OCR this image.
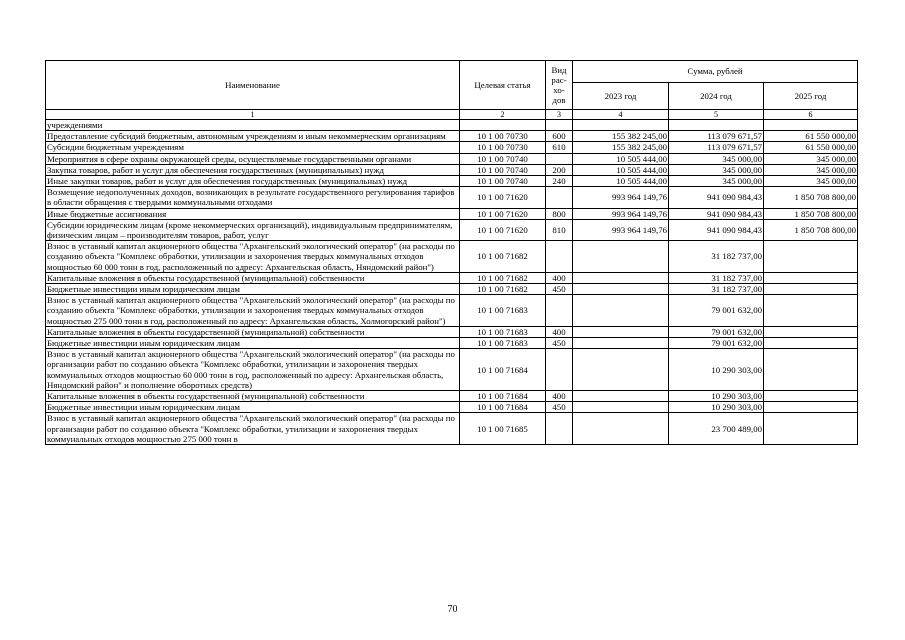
Наименование	Целевая статья	Вид рас-хо-дов	Сумма, рублей		
			2023 год	2024 год	2025 год
1	2	3	4	5	6
учреждениями					
Предоставление субсидий бюджетным, автономным учреждениям и иным некоммерческим организациям	10 1 00 70730	600	155 382 245,00	113 079 671,57	61 550 000,00
Субсидии бюджетным учреждениям	10 1 00 70730	610	155 382 245,00	113 079 671,57	61 550 000,00
Мероприятия в сфере охраны окружающей среды, осуществляемые государственными органами	10 1 00 70740		10 505 444,00	345 000,00	345 000,00
Закупка товаров, работ и услуг для обеспечения государственных (муниципальных) нужд	10 1 00 70740	200	10 505 444,00	345 000,00	345 000,00
Иные закупки товаров, работ и услуг для обеспечения государственных (муниципальных) нужд	10 1 00 70740	240	10 505 444,00	345 000,00	345 000,00
Возмещение недополученных доходов, возникающих в результате государственного регулирования тарифов в области обращения с твердыми коммунальными отходами	10 1 00 71620		993 964 149,76	941 090 984,43	1 850 708 800,00
Иные бюджетные ассигнования	10 1 00 71620	800	993 964 149,76	941 090 984,43	1 850 708 800,00
Субсидии юридическим лицам (кроме некоммерческих организаций), индивидуальным предпринимателям, физическим лицам – производителям товаров, работ, услуг	10 1 00 71620	810	993 964 149,76	941 090 984,43	1 850 708 800,00
Взнос в уставный капитал акционерного общества "Архангельский экологический оператор" (на расходы по созданию объекта "Комплекс обработки, утилизации и захоронения твердых коммунальных отходов мощностью 60 000 тонн в год, расположенный по адресу: Архангельская область, Няндомский район")	10 1 00 71682			31 182 737,00	
Капитальные вложения в объекты государственной (муниципальной) собственности	10 1 00 71682	400		31 182 737,00	
Бюджетные инвестиции иным юридическим лицам	10 1 00 71682	450		31 182 737,00	
Взнос в уставный капитал акционерного общества "Архангельский экологический оператор" (на расходы по созданию объекта "Комплекс обработки, утилизации и захоронения твердых коммунальных отходов мощностью 275 000 тонн в год, расположенный по адресу: Архангельская область, Холмогорский район")	10 1 00 71683			79 001 632,00	
Капитальные вложения в объекты государственной (муниципальной) собственности	10 1 00 71683	400		79 001 632,00	
Бюджетные инвестиции иным юридическим лицам	10 1 00 71683	450		79 001 632,00	
Взнос в уставный капитал акционерного общества "Архангельский экологический оператор" (на расходы по организации работ по созданию объекта "Комплекс обработки, утилизации и захоронения твердых коммунальных отходов мощностью 60 000 тонн в год, расположенный по адресу: Архангельская область, Няндомский район" и пополнение оборотных средств)	10 1 00 71684			10 290 303,00	
Капитальные вложения в объекты государственной (муниципальной) собственности	10 1 00 71684	400		10 290 303,00	
Бюджетные инвестиции иным юридическим лицам	10 1 00 71684	450		10 290 303,00	
Взнос в уставный капитал акционерного общества "Архангельский экологический оператор" (на расходы по организации работ по созданию объекта "Комплекс обработки, утилизации и захоронения твердых коммунальных отходов мощностью 275 000 тонн в	10 1 00 71685			23 700 489,00	
70
